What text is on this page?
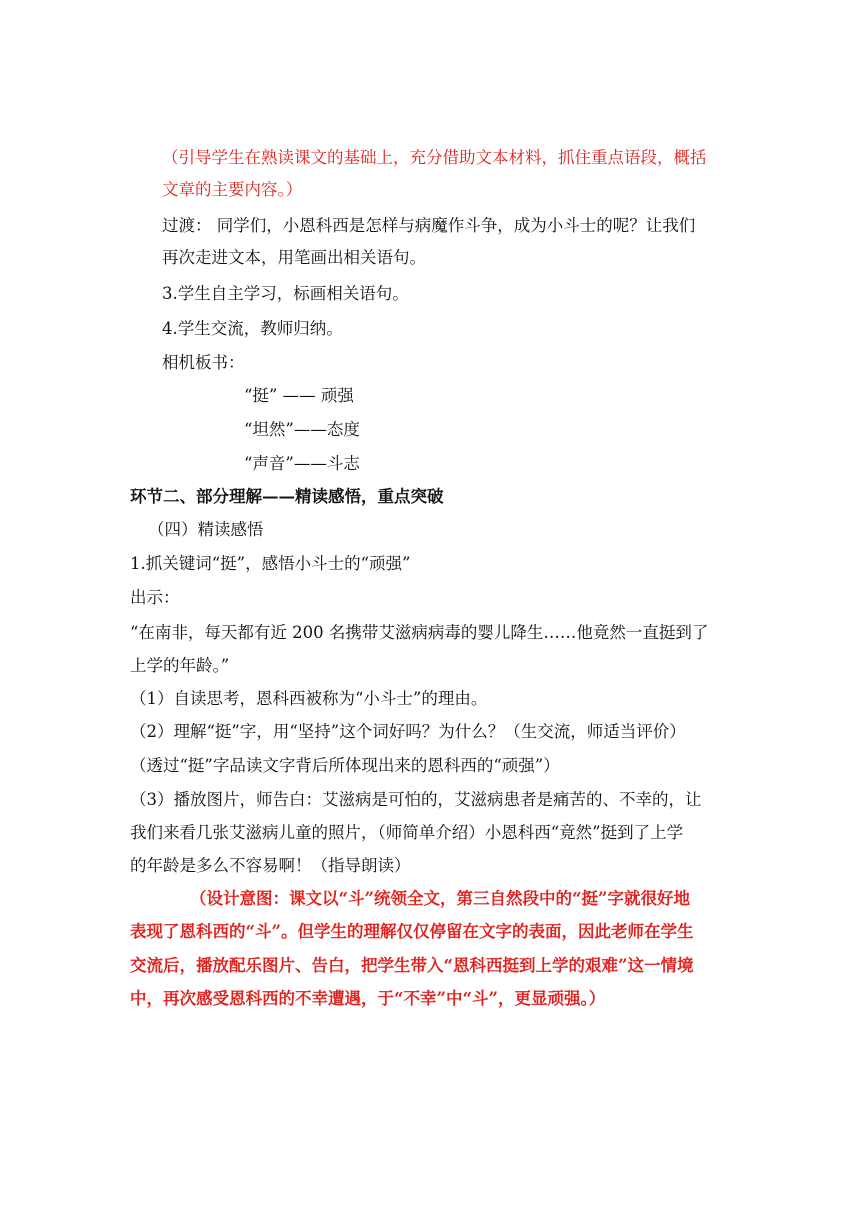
（引导学生在熟读课文的基础上，充分借助文本材料，抓住重点语段，概括
文章的主要内容。）
过渡： 同学们，小恩科西是怎样与病魔作斗争，成为小斗士的呢？让我们
再次走进文本，用笔画出相关语句。
3.学生自主学习，标画相关语句。
4.学生交流，教师归纳。
相机板书：
“挺” —— 顽强
“坦然”——态度
“声音”——斗志
环节二、部分理解——精读感悟，重点突破
（四）精读感悟
1.抓关键词“挺”，感悟小斗士的“顽强”
出示：
“在南非，每天都有近 200 名携带艾滋病病毒的婴儿降生……他竟然一直挺到了
上学的年龄。”
（1）自读思考，恩科西被称为“小斗士”的理由。
（2）理解“挺”字，用“坚持”这个词好吗？为什么？（生交流，师适当评价）
（透过“挺”字品读文字背后所体现出来的恩科西的“顽强”）
（3）播放图片，师告白：艾滋病是可怕的，艾滋病患者是痛苦的、不幸的，让
我们来看几张艾滋病儿童的照片，（师简单介绍）小恩科西“竟然”挺到了上学
的年龄是多么不容易啊！（指导朗读）
（设计意图：课文以“斗”统领全文，第三自然段中的“挺”字就很好地
表现了恩科西的“斗”。但学生的理解仅仅停留在文字的表面，因此老师在学生
交流后，播放配乐图片、告白，把学生带入“恩科西挺到上学的艰难”这一情境
中，再次感受恩科西的不幸遭遇，于“不幸”中“斗”，更显顽强。）
